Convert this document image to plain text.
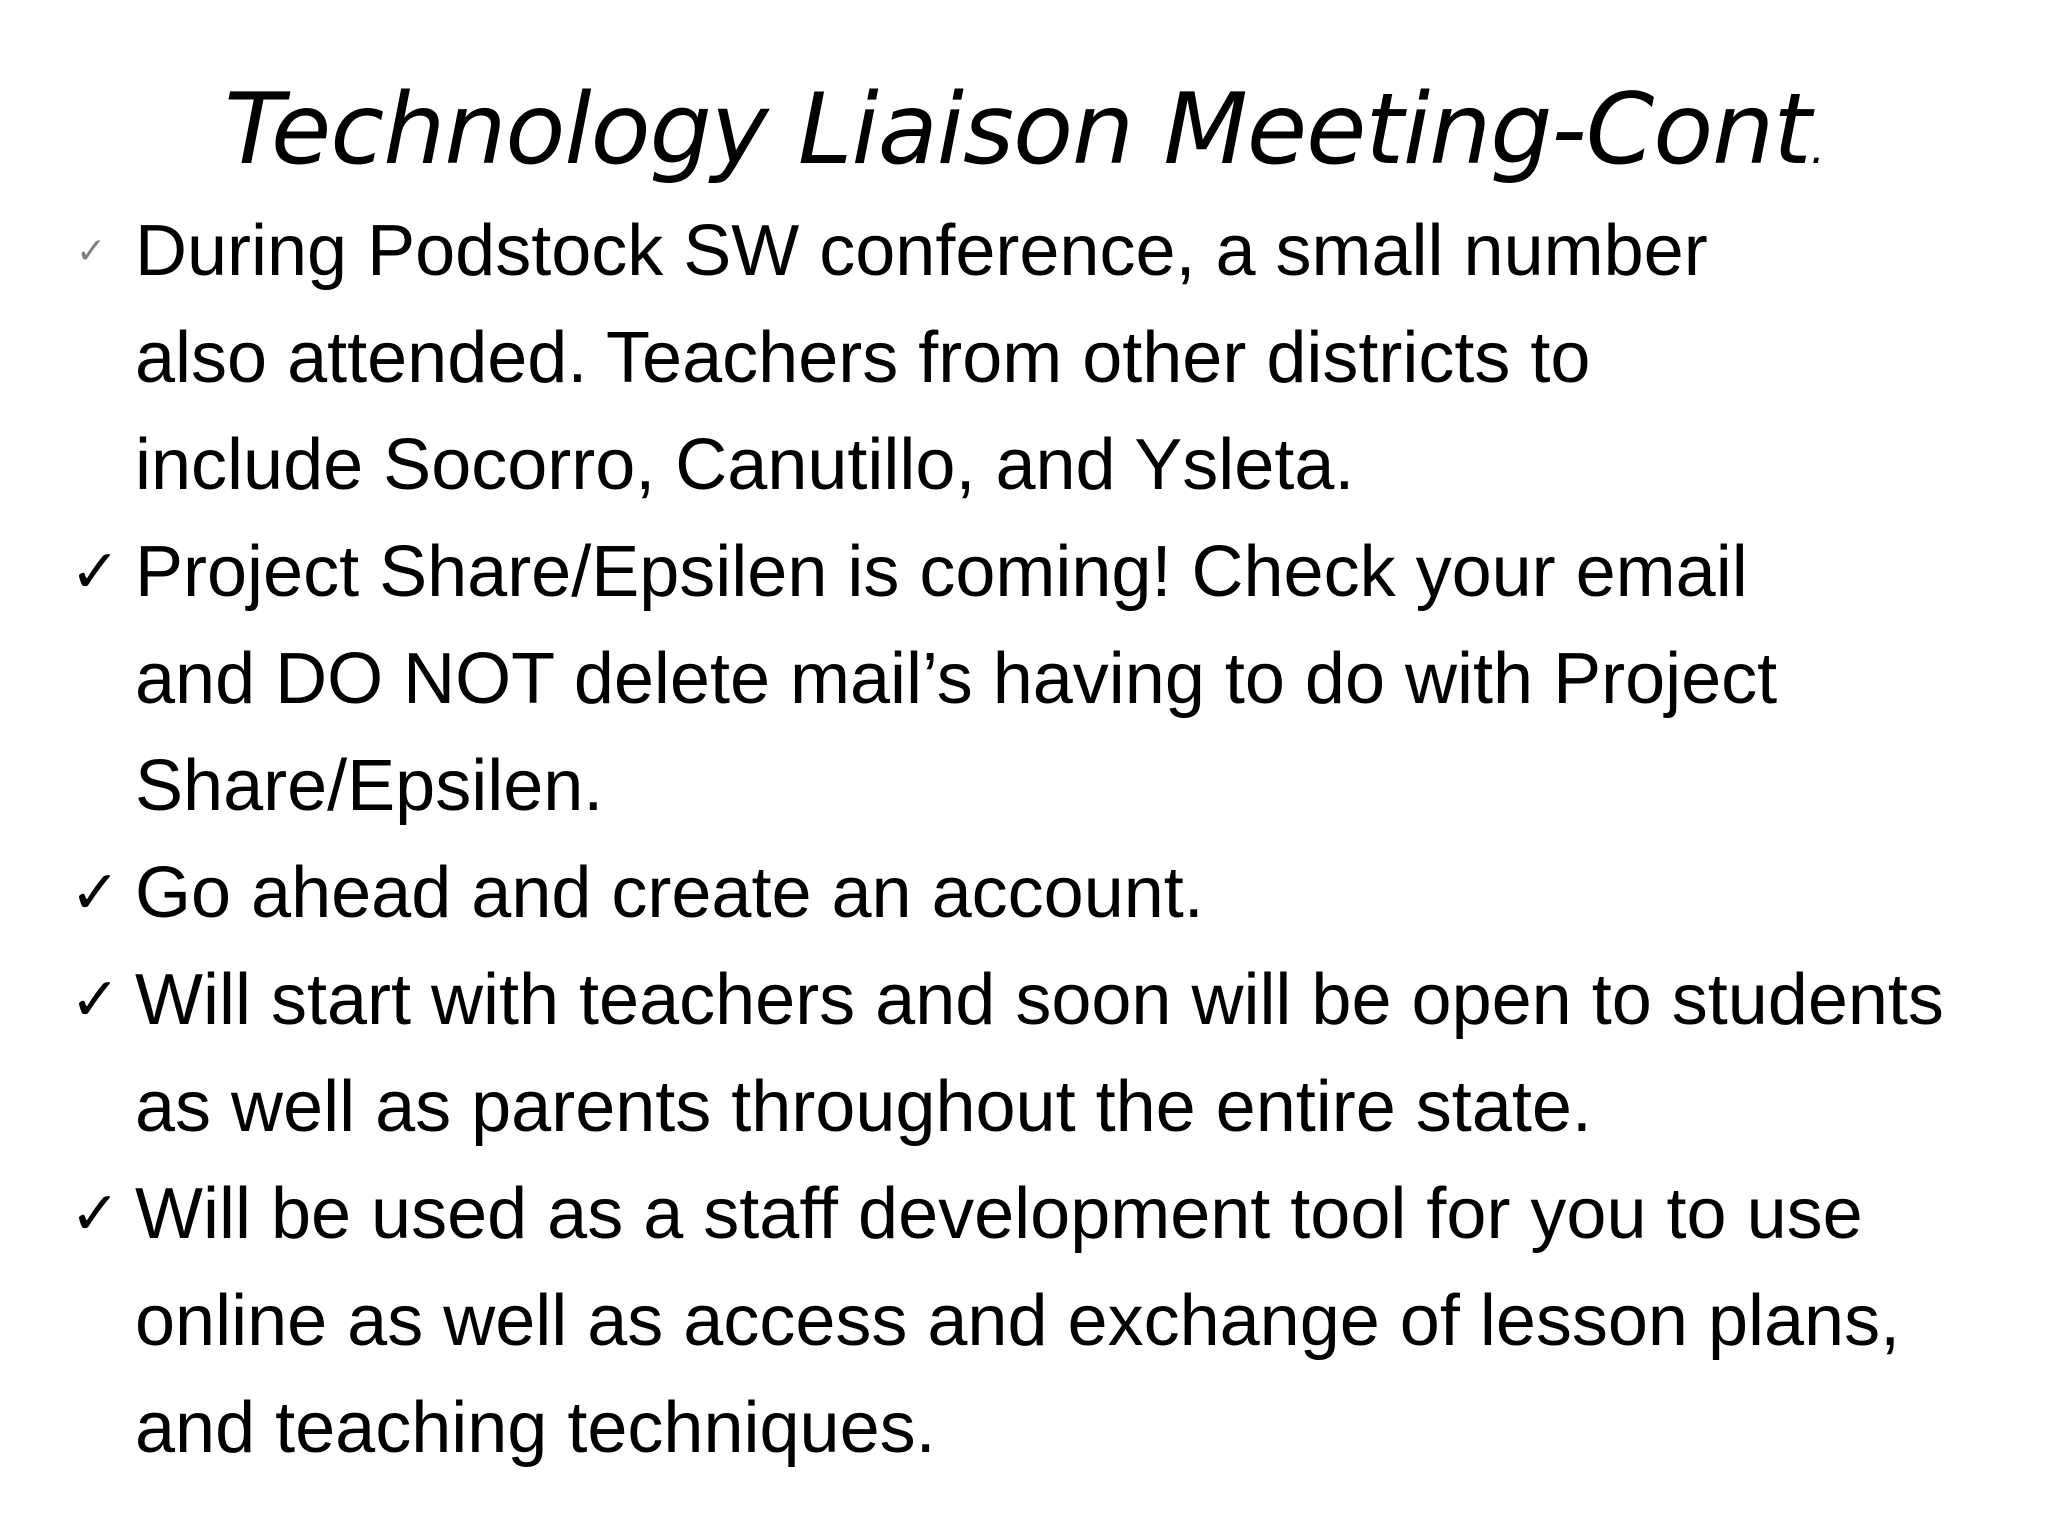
Technology Liaison Meeting-Cont.
✓ During Podstock SW conference, a small number
also attended. Teachers from other districts to
include Socorro, Canutillo, and Ysleta.
✓ Project Share/Epsilen is coming! Check your email
and DO NOT delete mail’s having to do with Project
Share/Epsilen.
✓ Go ahead and create an account.
✓ Will start with teachers and soon will be open to students
as well as parents throughout the entire state.
✓ Will be used as a staff development tool for you to use
online as well as access and exchange of lesson plans,
and teaching techniques.
